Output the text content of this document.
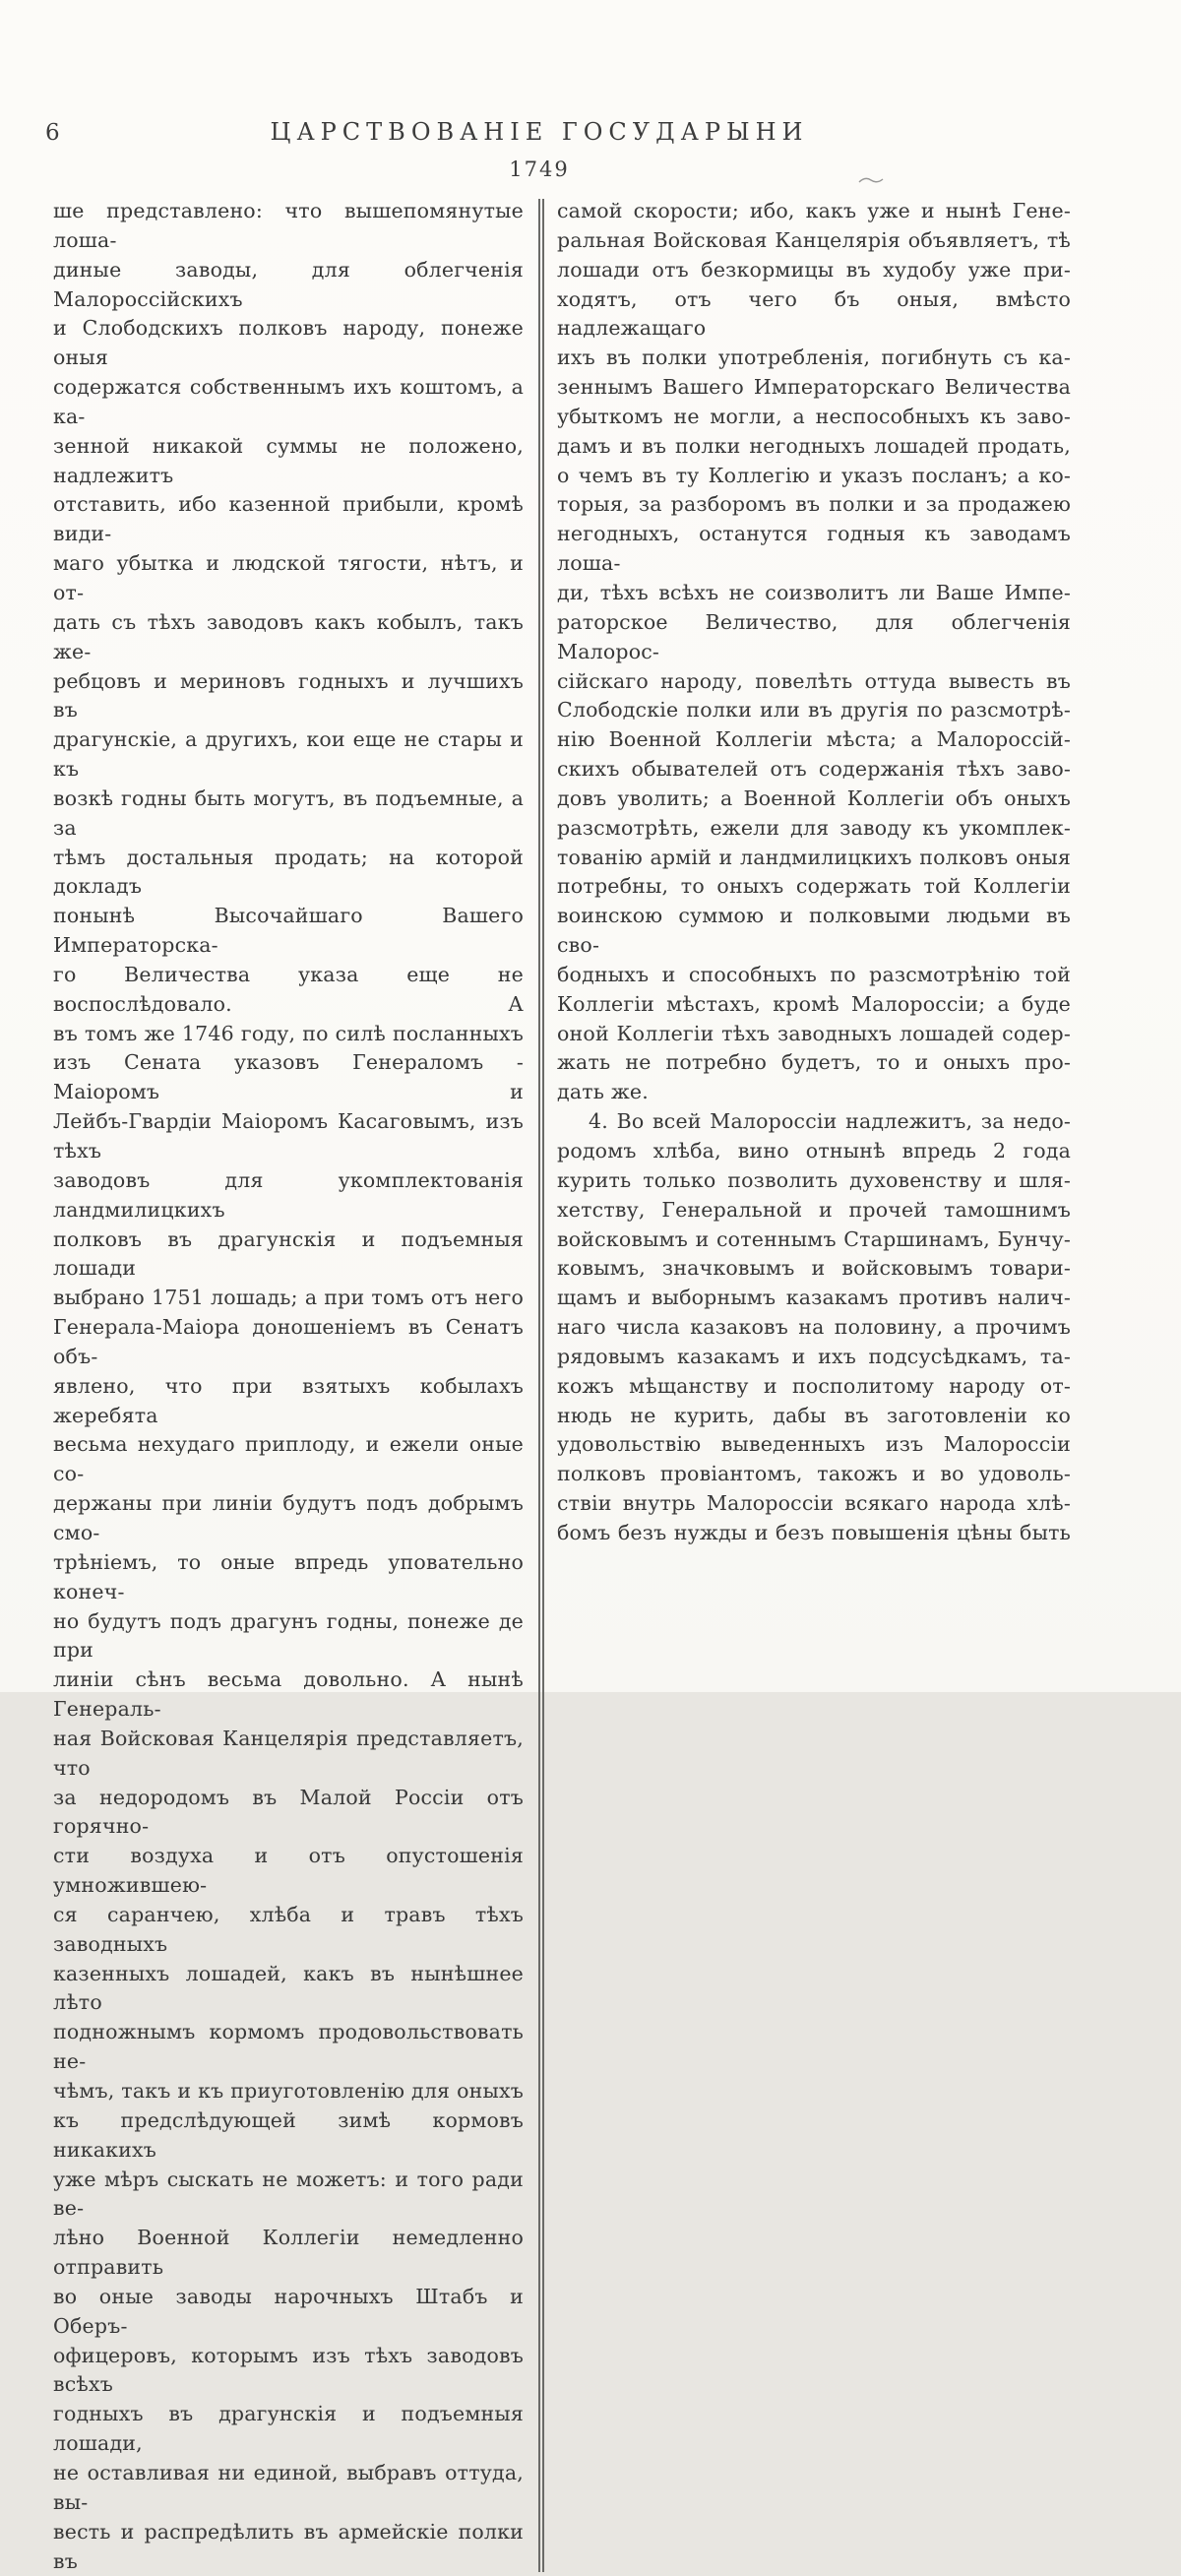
6	ЦАРСТВОВАНІЕ ГОСУДАРЫНИ
1749
ше представлено: что вышепомянутые лоша-
диные заводы, для облегченія Малороссійскихъ
и Слободскихъ полковъ народу, понеже оныя
содержатся собственнымъ ихъ коштомъ, а ка-
зенной никакой суммы не положено, надлежитъ
отставить, ибо казенной прибыли, кромѣ види-
маго убытка и людской тягости, нѣтъ, и от-
дать съ тѣхъ заводовъ какъ кобылъ, такъ же-
ребцовъ и мериновъ годныхъ и лучшихъ въ
драгунскіе, а другихъ, кои еще не стары и къ
возкѣ годны быть могутъ, въ подъемные, а за
тѣмъ достальныя продать; на которой докладъ
понынѣ Высочайшаго Вашего Императорска-
го Величества указа еще не воспослѣдовало. А
въ томъ же 1746 году, по силѣ посланныхъ
изъ Сената указовъ Генераломъ - Маіоромъ и
Лейбъ-Гвардіи Маіоромъ Касаговымъ, изъ тѣхъ
заводовъ для укомплектованія ландмилицкихъ
полковъ въ драгунскія и подъемныя лошади
выбрано 1751 лошадь; а при томъ отъ него
Генерала-Маіора доношеніемъ въ Сенатъ объ-
явлено, что при взятыхъ кобылахъ жеребята
весьма нехудаго приплоду, и ежели оные со-
держаны при линіи будутъ подъ добрымъ смо-
трѣніемъ, то оные впредь уповательно конеч-
но будутъ подъ драгунъ годны, понеже де при
линіи сѣнъ весьма довольно. А нынѣ Генераль-
ная Войсковая Канцелярія представляетъ, что
за недородомъ въ Малой Россіи отъ горячно-
сти воздуха и отъ опустошенія умножившею-
ся саранчею, хлѣба и травъ тѣхъ заводныхъ
казенныхъ лошадей, какъ въ нынѣшнее лѣто
подножнымъ кормомъ продовольствовать не-
чѣмъ, такъ и къ приуготовленію для оныхъ
къ предслѣдующей зимѣ кормовъ никакихъ
уже мѣръ сыскать не можетъ: и того ради ве-
лѣно Военной Коллегіи немедленно отправить
во оные заводы нарочныхъ Штабъ и Оберъ-
офицеровъ, которымъ изъ тѣхъ заводовъ всѣхъ
годныхъ въ драгунскія и подъемныя лошади,
не оставливая ни единой, выбравъ оттуда, вы-
весть и распредѣлить въ армейскіе полки въ
самой скорости; ибо, какъ уже и нынѣ Гене-
ральная Войсковая Канцелярія объявляетъ, тѣ
лошади отъ безкормицы въ худобу уже при-
ходятъ, отъ чего бъ оныя, вмѣсто надлежащаго
ихъ въ полки употребленія, погибнуть съ ка-
зеннымъ Вашего Императорскаго Величества
убыткомъ не могли, а неспособныхъ къ заво-
дамъ и въ полки негодныхъ лошадей продать,
о чемъ въ ту Коллегію и указъ посланъ; а ко-
торыя, за разборомъ въ полки и за продажею
негодныхъ, останутся годныя къ заводамъ лоша-
ди, тѣхъ всѣхъ не соизволитъ ли Ваше Импе-
раторское Величество, для облегченія Малорос-
сійскаго народу, повелѣть оттуда вывесть въ
Слободскіе полки или въ другія по разсмотрѣ-
нію Военной Коллегіи мѣста; а Малороссій-
скихъ обывателей отъ содержанія тѣхъ заво-
довъ уволить; а Военной Коллегіи объ оныхъ
разсмотрѣть, ежели для заводу къ укомплек-
тованію армій и ландмилицкихъ полковъ оныя
потребны, то оныхъ содержать той Коллегіи
воинскою суммою и полковыми людьми въ сво-
бодныхъ и способныхъ по разсмотрѣнію той
Коллегіи мѣстахъ, кромѣ Малороссіи; а буде
оной Коллегіи тѣхъ заводныхъ лошадей содер-
жать не потребно будетъ, то и оныхъ про-
дать же.
4. Во всей Малороссіи надлежитъ, за недо-
родомъ хлѣба, вино отнынѣ впредь 2 года
курить только позволить духовенству и шля-
хетству, Генеральной и прочей тамошнимъ
войсковымъ и сотеннымъ Старшинамъ, Бунчу-
ковымъ, значковымъ и войсковымъ товари-
щамъ и выборнымъ казакамъ противъ налич-
наго числа казаковъ на половину, а прочимъ
рядовымъ казакамъ и ихъ подсусѣдкамъ, та-
кожъ мѣщанству и посполитому народу от-
нюдь не курить, дабы въ заготовленіи ко
удовольствію выведенныхъ изъ Малороссіи
полковъ провіантомъ, такожъ и во удоволь-
ствіи внутрь Малороссіи всякаго народа хлѣ-
бомъ безъ нужды и безъ повышенія цѣны быть
